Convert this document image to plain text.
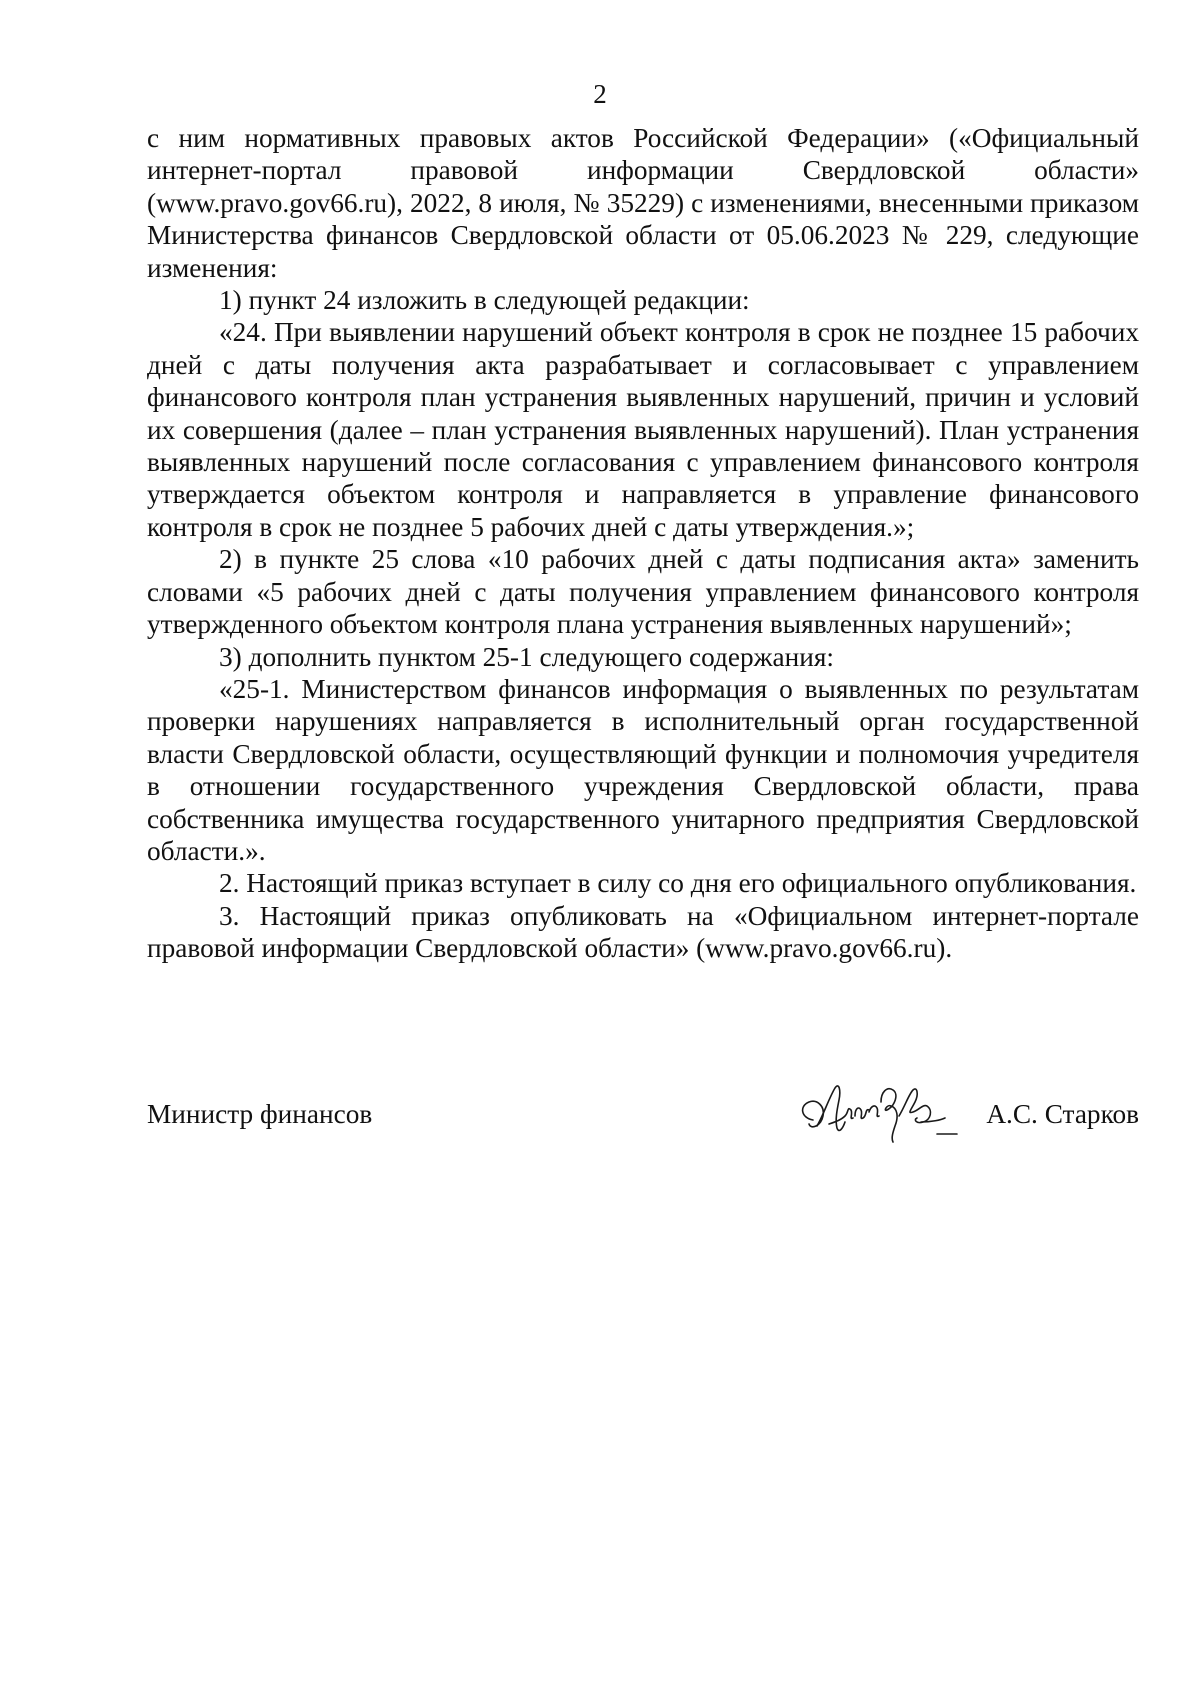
2

с ним нормативных правовых актов Российской Федерации» («Официальный интернет-портал правовой информации Свердловской области» (www.pravo.gov66.ru), 2022, 8 июля, № 35229) с изменениями, внесенными приказом Министерства финансов Свердловской области от 05.06.2023 № 229, следующие изменения:

1) пункт 24 изложить в следующей редакции:

«24. При выявлении нарушений объект контроля в срок не позднее 15 рабочих дней с даты получения акта разрабатывает и согласовывает с управлением финансового контроля план устранения выявленных нарушений, причин и условий их совершения (далее – план устранения выявленных нарушений). План устранения выявленных нарушений после согласования с управлением финансового контроля утверждается объектом контроля и направляется в управление финансового контроля в срок не позднее 5 рабочих дней с даты утверждения.»;

2) в пункте 25 слова «10 рабочих дней с даты подписания акта» заменить словами «5 рабочих дней с даты получения управлением финансового контроля утвержденного объектом контроля плана устранения выявленных нарушений»;

3) дополнить пунктом 25-1 следующего содержания:

«25-1. Министерством финансов информация о выявленных по результатам проверки нарушениях направляется в исполнительный орган государственной власти Свердловской области, осуществляющий функции и полномочия учредителя в отношении государственного учреждения Свердловской области, права собственника имущества государственного унитарного предприятия Свердловской области.».

2. Настоящий приказ вступает в силу со дня его официального опубликования.

3. Настоящий приказ опубликовать на «Официальном интернет-портале правовой информации Свердловской области» (www.pravo.gov66.ru).

Министр финансов	А.С. Старков
